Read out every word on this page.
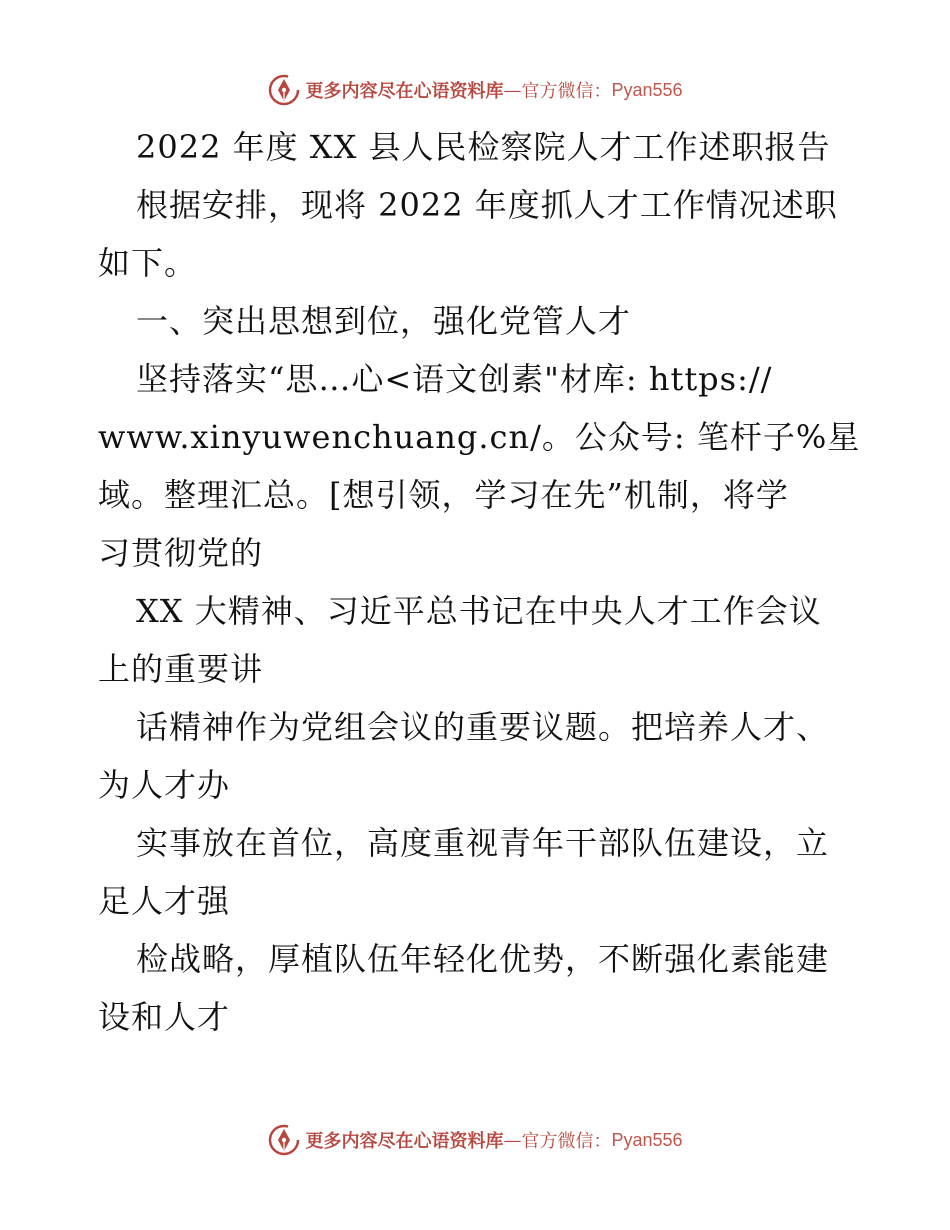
更多内容尽在心语资料库 — 官方微信： Pyan556
2022 年度 XX 县人民检察院人才工作述职报告
根据安排，现将 2022 年度抓人才工作情况述职
如下。
一、突出思想到位，强化党管人才
坚持落实“思…心<语文创素"材库: https://
www.xinyuwenchuang.cn/。公众号: 笔杆子%星
域。整理汇总。[想引领，学习在先”机制，将学
习贯彻党的
XX 大精神、习近平总书记在中央人才工作会议
上的重要讲
话精神作为党组会议的重要议题。把培养人才、
为人才办
实事放在首位，高度重视青年干部队伍建设，立
足人才强
检战略，厚植队伍年轻化优势，不断强化素能建
设和人才
更多内容尽在心语资料库 — 官方微信： Pyan556
